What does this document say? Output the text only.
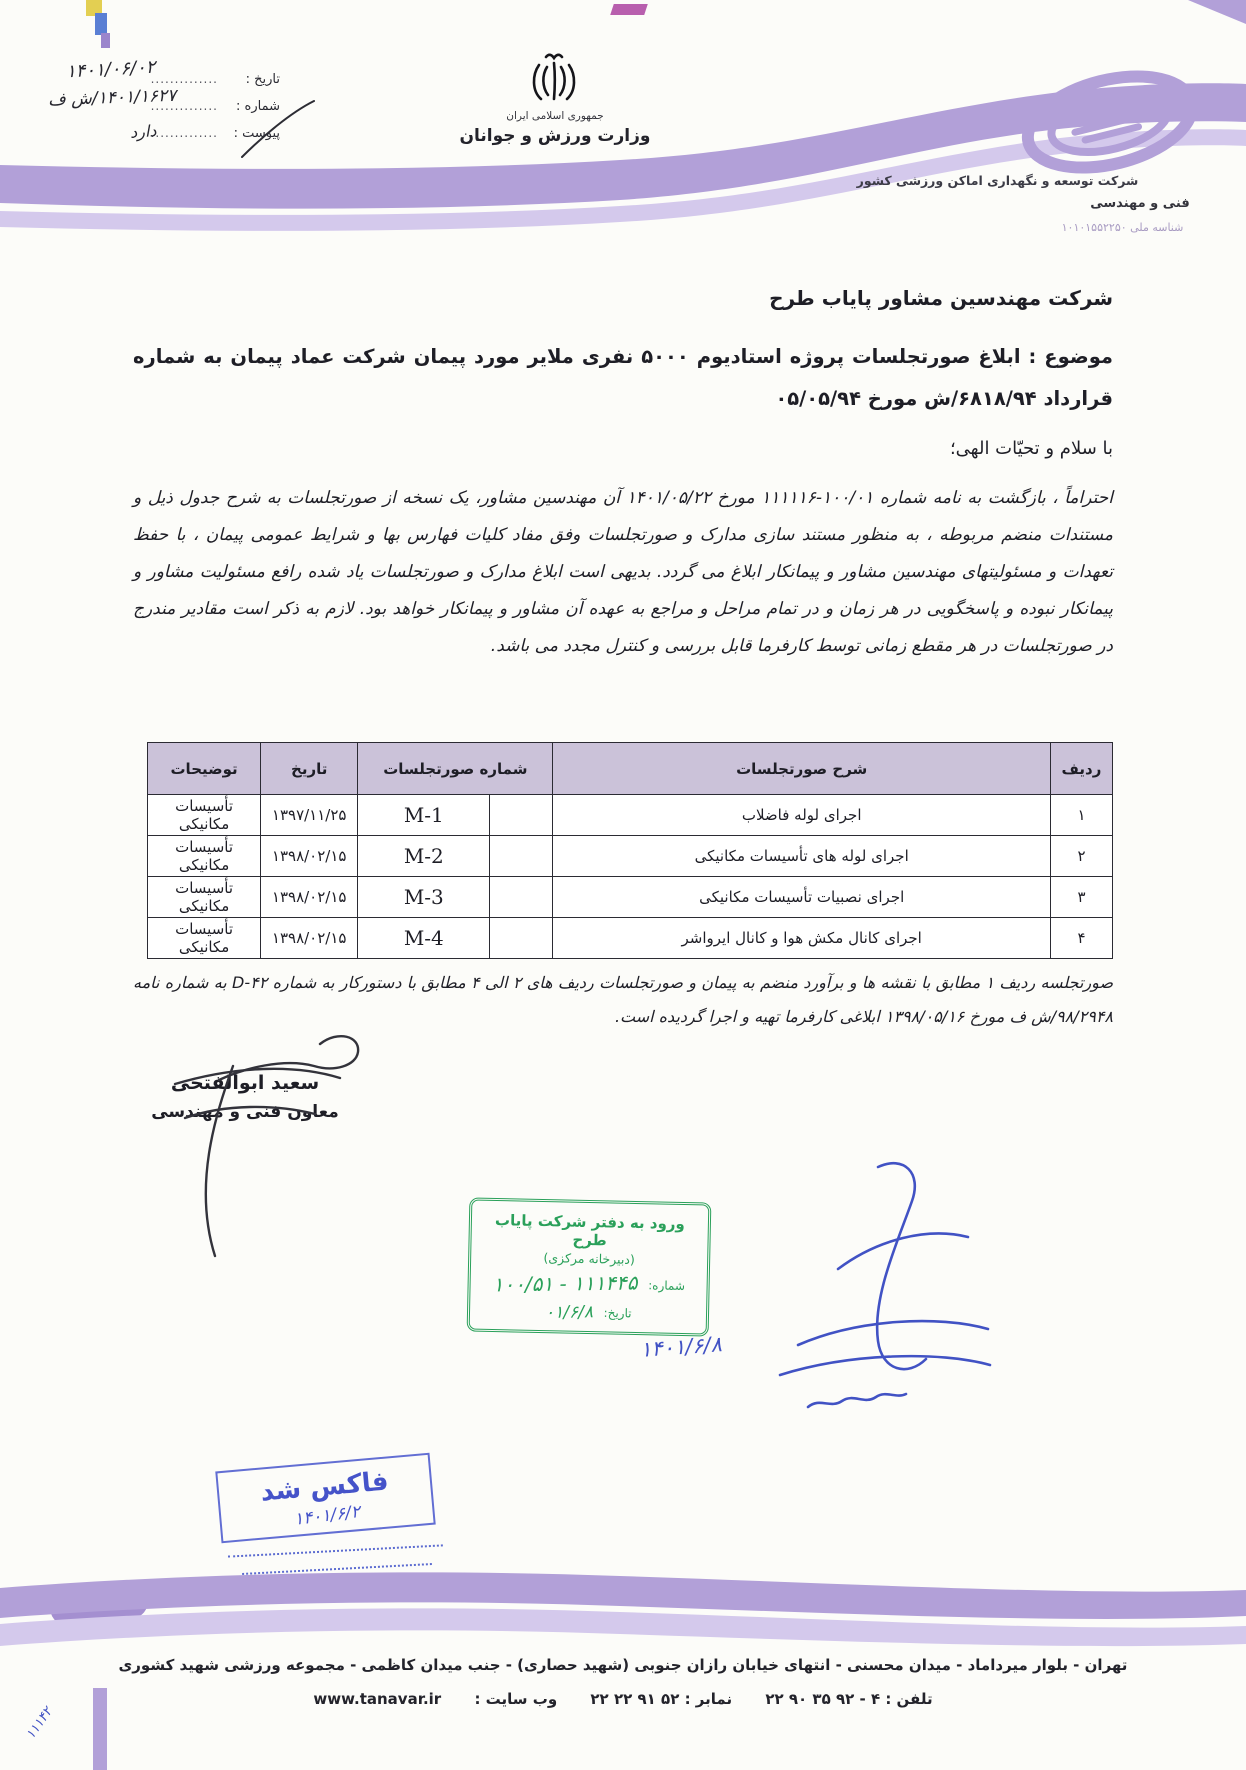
تاریخ :..............
۱۴۰۱/۰۶/۰۲
شماره :..............
۱۴۰۱/۱۶۲۷/ش ف
پیوست :..............
دارد
جمهوری اسلامی ایران
وزارت ورزش و جوانان
شرکت توسعه و نگهداری اماکن ورزشی کشور
فنی و مهندسی
شناسه ملی ۱۰۱۰۱۵۵۲۲۵۰
شرکت مهندسین مشاور پایاب طرح
موضوع : ابلاغ صورتجلسات پروژه استادیوم ۵۰۰۰ نفری ملایر مورد پیمان شرکت عماد پیمان به شماره قرارداد ۶۸۱۸/۹۴/ش مورخ ۰۵/۰۵/۹۴
با سلام و تحیّات الهی؛
احتراماً ، بازگشت به نامه شماره ۱۰۰/۰۱-۱۱۱۱۱۶ مورخ ۱۴۰۱/۰۵/۲۲ آن مهندسین مشاور، یک نسخه از صورتجلسات به شرح جدول ذیل و مستندات منضم مربوطه ، به منظور مستند سازی مدارک و صورتجلسات وفق مفاد کلیات فهارس بها و شرایط عمومی پیمان ، با حفظ تعهدات و مسئولیتهای مهندسین مشاور و پیمانکار ابلاغ می گردد. بدیهی است ابلاغ مدارک و صورتجلسات یاد شده رافع مسئولیت مشاور و پیمانکار نبوده و پاسخگویی در هر زمان و در تمام مراحل و مراجع به عهده آن مشاور و پیمانکار خواهد بود. لازم به ذکر است مقادیر مندرج در صورتجلسات در هر مقطع زمانی توسط کارفرما قابل بررسی و کنترل مجدد می باشد.
ردیف	شرح صورتجلسات	شماره صورتجلسات		تاریخ	توضیحات
۱	اجرای لوله فاضلاب		M-1	۱۳۹۷/۱۱/۲۵	تأسیسات مکانیکی
۲	اجرای لوله های تأسیسات مکانیکی		M-2	۱۳۹۸/۰۲/۱۵	تأسیسات مکانیکی
۳	اجرای نصبیات تأسیسات مکانیکی		M-3	۱۳۹۸/۰۲/۱۵	تأسیسات مکانیکی
۴	اجرای کانال مکش هوا و کانال ایرواشر		M-4	۱۳۹۸/۰۲/۱۵	تأسیسات مکانیکی
صورتجلسه ردیف ۱ مطابق با نقشه ها و برآورد منضم به پیمان و صورتجلسات ردیف های ۲ الی ۴ مطابق با دستورکار به شماره D-۴۲ به شماره نامه ۹۸/۲۹۴۸/ش ف مورخ ۱۳۹۸/۰۵/۱۶ ابلاغی کارفرما تهیه و اجرا گردیده است.
سعید ابوالفتحی
معاون فنی و مهندسی
ورود به دفتر شرکت پایاب طرح
(دبیرخانه مرکزی)
شماره: ۱۰۰/۵۱ - ۱۱۱۴۴۵
تاریخ: ۰۱/۶/۸
۱۴۰۱/۶/۸
فاکس شد
۱۴۰۱/۶/۲
تهران - بلوار میرداماد - میدان محسنی - انتهای خیابان رازان جنوبی (شهید حصاری) - جنب میدان کاظمی - مجموعه ورزشی شهید کشوری
تلفن : ۴ - ۹۲ ۳۵ ۹۰ ۲۲ نمابر : ۵۲ ۹۱ ۲۲ ۲۲ وب سایت : www.tanavar.ir
۱۱۱۴۲
